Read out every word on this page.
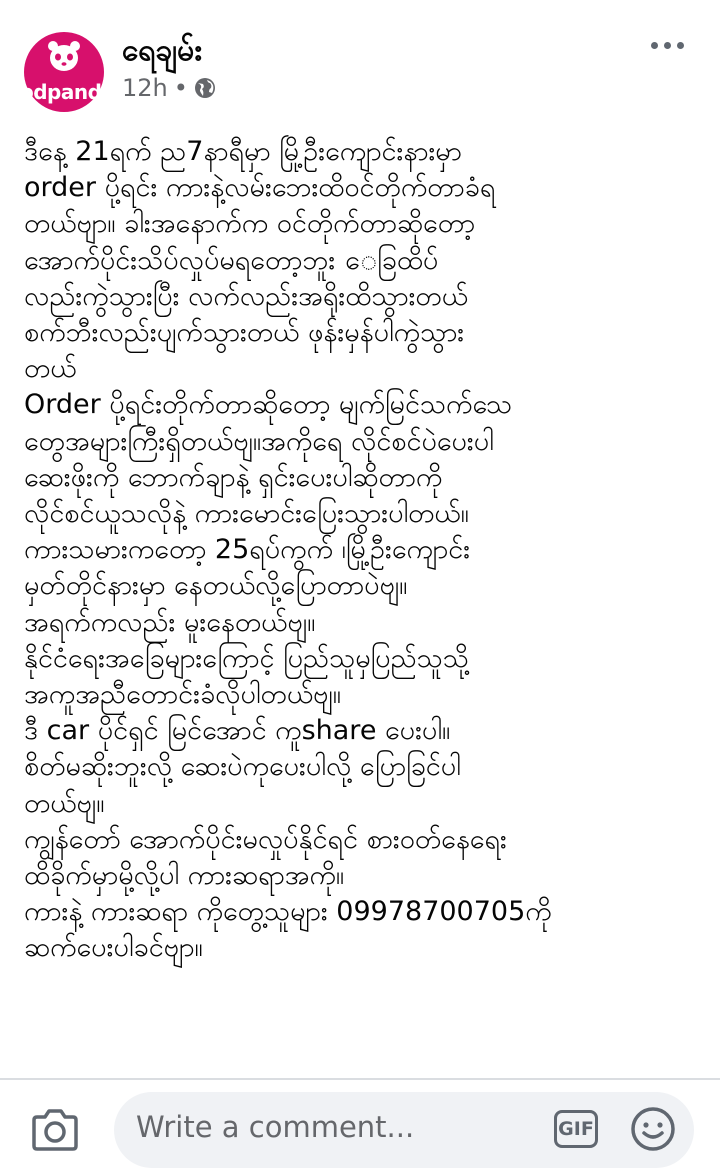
odpanda
ရေချမ်း
12h •
ဒီနေ့ 21ရက် ည7နာရီမှာ မြို့ဦးကျောင်းနားမှာ
order ပို့ရင်း ကားနဲ့လမ်းဘေးထိဝင်တိုက်တာခံရ
တယ်ဗျာ။ ခါးအနောက်က ဝင်တိုက်တာဆိုတော့
အောက်ပိုင်းသိပ်လှုပ်မရတော့ဘူး ေခြထိပ်
လည်းကွဲသွားပြီး လက်လည်းအရိုးထိသွားတယ်
စက်ဘီးလည်းပျက်သွားတယ် ဖုန်းမှန်ပါကွဲသွား
တယ်
Order ပို့ရင်းတိုက်တာဆိုတော့ မျက်မြင်သက်သေ
တွေအများကြီးရှိတယ်ဗျ။အကိုရေ လိုင်စင်ပဲပေးပါ
ဆေးဖိုးကို ဘောက်ချာနဲ့ ရှင်းပေးပါဆိုတာကို
လိုင်စင်ယူသလိုနဲ့ ကားမောင်းပြေးသွားပါတယ်။
ကားသမားကတော့ 25ရပ်ကွက် ၊မြို့ဦးကျောင်း
မှတ်တိုင်နားမှာ နေတယ်လို့ပြောတာပဲဗျ။
အရက်ကလည်း မူးနေတယ်ဗျ။
နိုင်ငံရေးအခြေများကြောင့် ပြည်သူမှပြည်သူသို့
အကူအညီတောင်းခံလိုပါတယ်ဗျ။
ဒီ car ပိုင်ရှင် မြင်အောင် ကူshare ပေးပါ။
စိတ်မဆိုးဘူးလို့ ဆေးပဲကုပေးပါလို့ ပြောခြင်ပါ
တယ်ဗျ။
ကျွန်တော် အောက်ပိုင်းမလှုပ်နိုင်ရင် စားဝတ်နေရေး
ထိခိုက်မှာမို့လို့ပါ ကားဆရာအကို။
ကားနဲ့ ကားဆရာ ကိုတွေ့သူများ 09978700705ကို
ဆက်ပေးပါခင်ဗျာ။
Write a comment...	GIF
